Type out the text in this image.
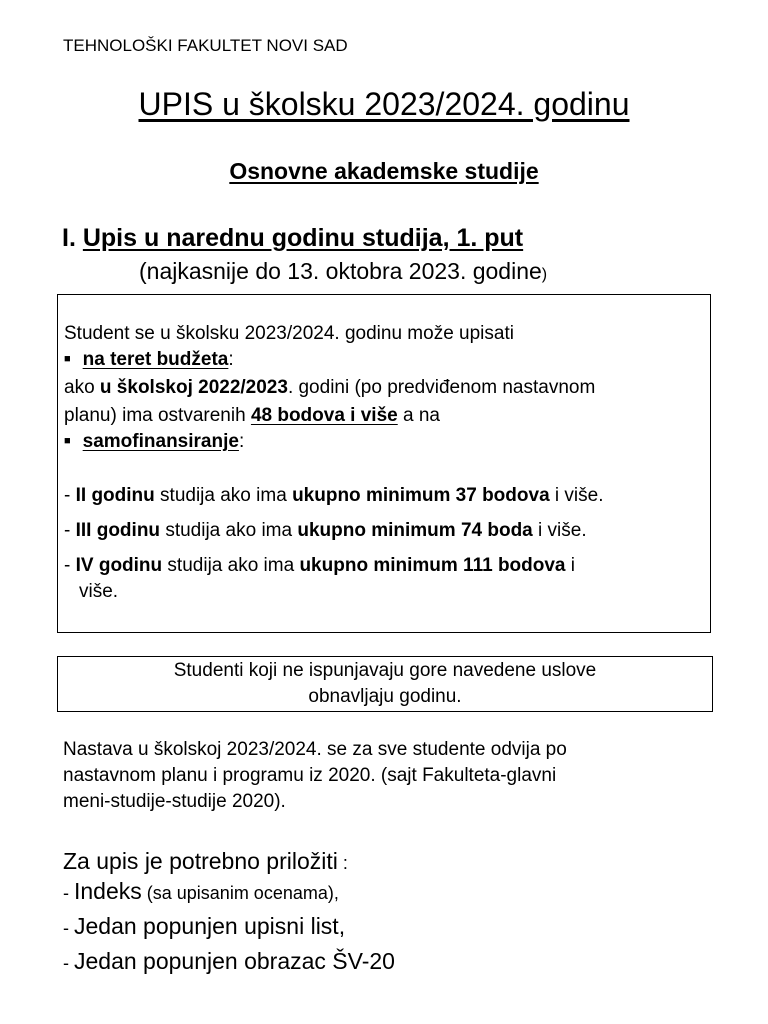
TEHNOLOŠKI FAKULTET NOVI SAD
UPIS u školsku 2023/2024. godinu
Osnovne akademske studije
I. Upis u narednu godinu studija, 1. put
(najkasnije do 13. oktobra 2023. godine)
Student se u školsku 2023/2024. godinu može upisati
■ na teret budžeta:
ako u školskoj 2022/2023. godini (po predviđenom nastavnom
planu) ima ostvarenih 48 bodova i više a na
■ samofinansiranje:
- II godinu studija ako ima ukupno minimum 37 bodova i više.
- III godinu studija ako ima ukupno minimum 74 boda i više.
- IV godinu studija ako ima ukupno minimum 111 bodova i
više.
Studenti koji ne ispunjavaju gore navedene uslove
obnavljaju godinu.
Nastava u školskoj 2023/2024. se za sve studente odvija po
nastavnom planu i programu iz 2020. (sajt Fakulteta-glavni
meni-studije-studije 2020).
Za upis je potrebno priložiti :
- Indeks (sa upisanim ocenama),
- Jedan popunjen upisni list,
- Jedan popunjen obrazac ŠV-20
